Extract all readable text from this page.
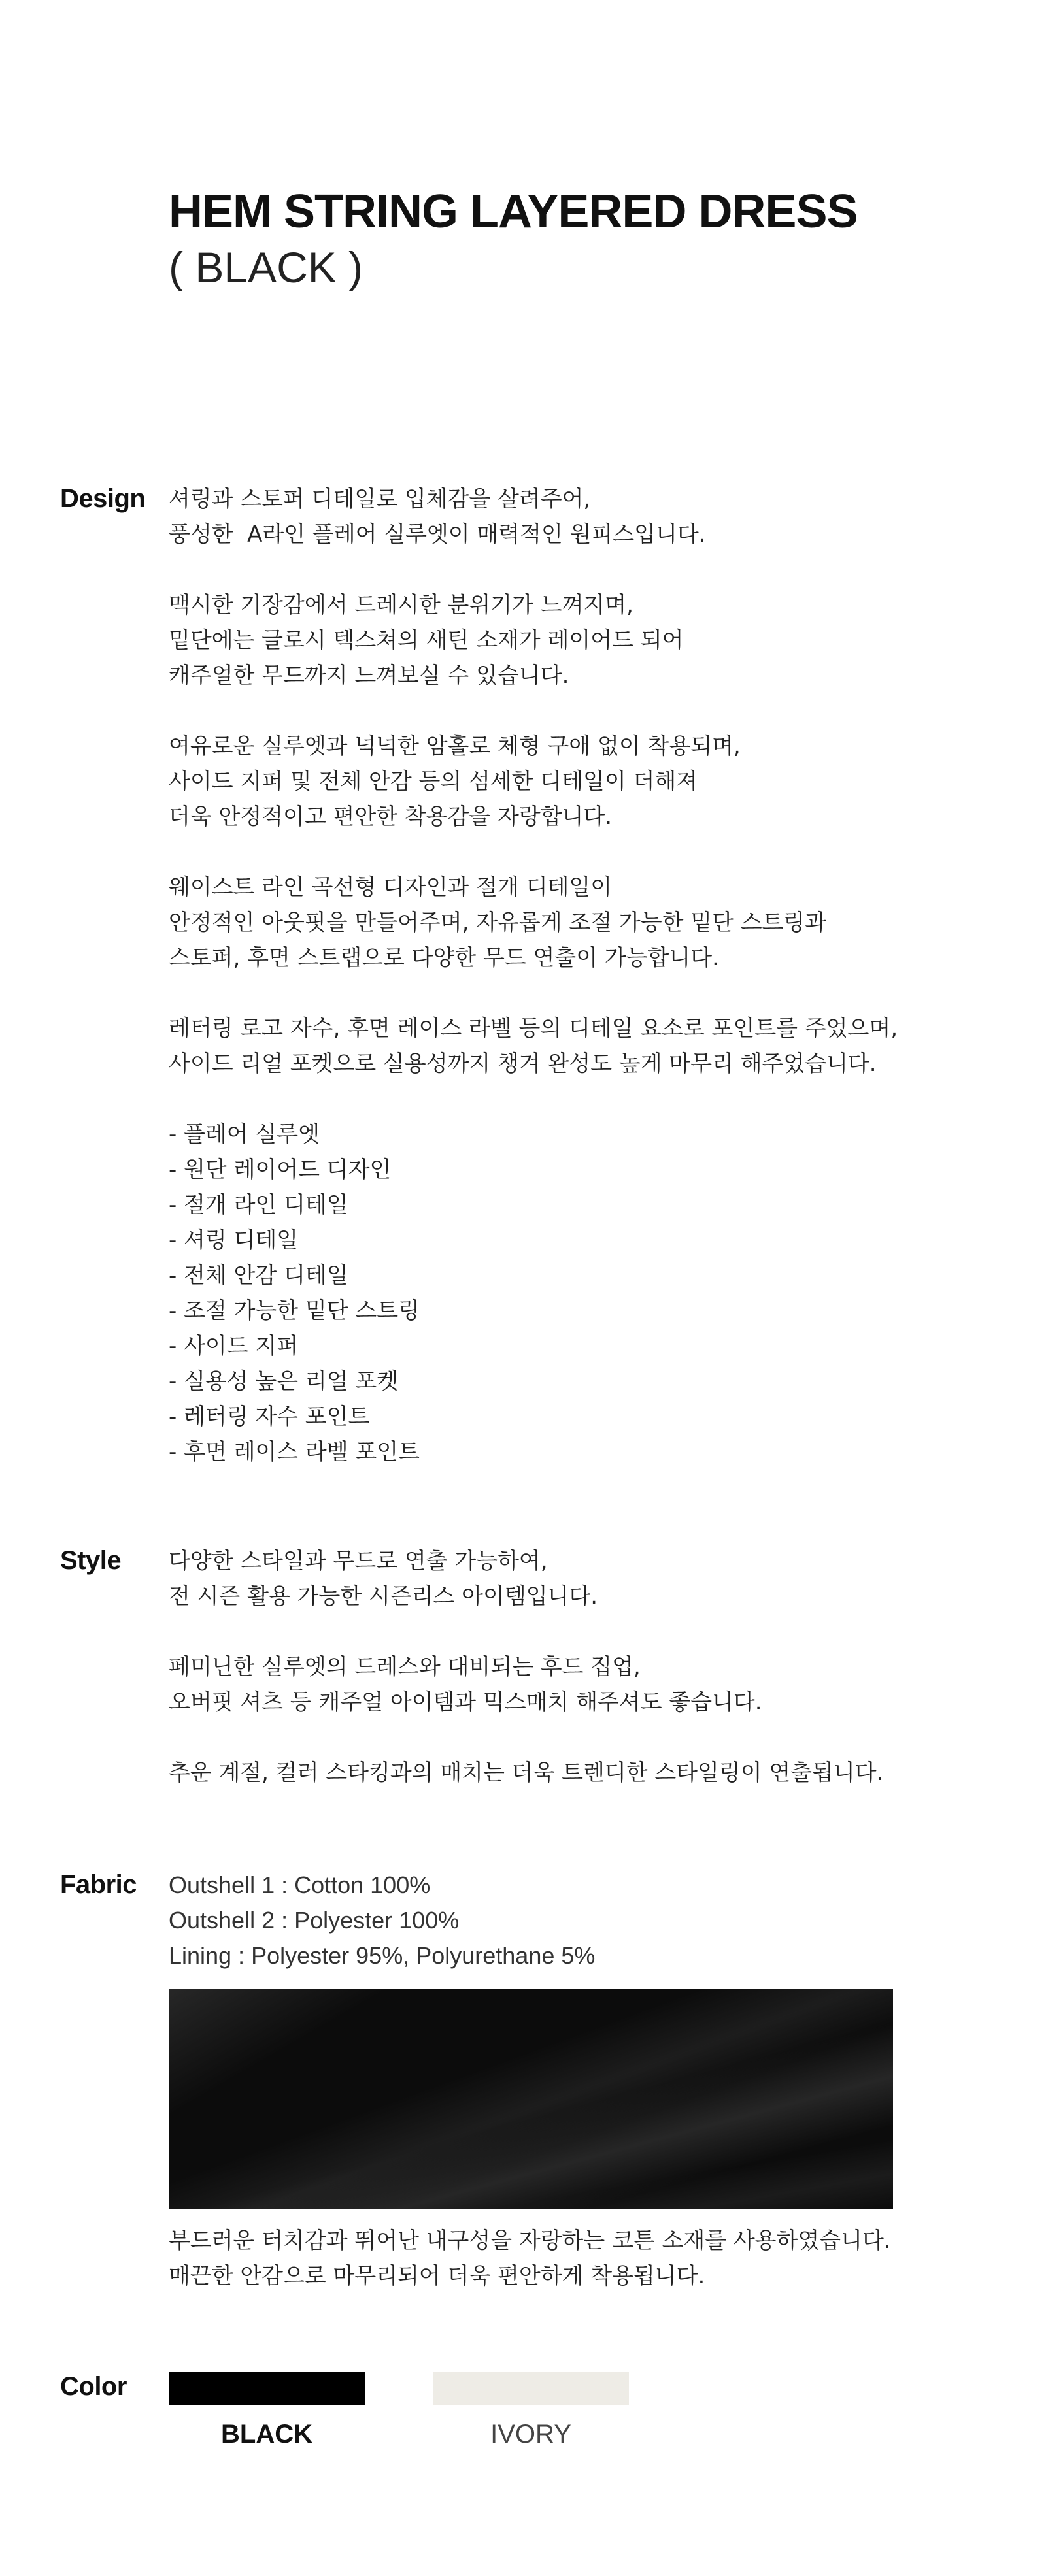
HEM STRING LAYERED DRESS

( BLACK )

Design 셔링과 스토퍼 디테일로 입체감을 살려주어,
풍성한  A라인 플레어 실루엣이 매력적인 원피스입니다.
맥시한 기장감에서 드레시한 분위기가 느껴지며,
밑단에는 글로시 텍스쳐의 새틴 소재가 레이어드 되어
캐주얼한 무드까지 느껴보실 수 있습니다.
여유로운 실루엣과 넉넉한 암홀로 체형 구애 없이 착용되며,
사이드 지퍼 및 전체 안감 등의 섬세한 디테일이 더해져
더욱 안정적이고 편안한 착용감을 자랑합니다.
웨이스트 라인 곡선형 디자인과 절개 디테일이
안정적인 아웃핏을 만들어주며, 자유롭게 조절 가능한 밑단 스트링과
스토퍼, 후면 스트랩으로 다양한 무드 연출이 가능합니다.
레터링 로고 자수, 후면 레이스 라벨 등의 디테일 요소로 포인트를 주었으며,
사이드 리얼 포켓으로 실용성까지 챙겨 완성도 높게 마무리 해주었습니다.
- 플레어 실루엣
- 원단 레이어드 디자인
- 절개 라인 디테일
- 셔링 디테일
- 전체 안감 디테일
- 조절 가능한 밑단 스트링
- 사이드 지퍼
- 실용성 높은 리얼 포켓
- 레터링 자수 포인트
- 후면 레이스 라벨 포인트
Style 다양한 스타일과 무드로 연출 가능하여,
전 시즌 활용 가능한 시즌리스 아이템입니다.
페미닌한 실루엣의 드레스와 대비되는 후드 집업,
오버핏 셔츠 등 캐주얼 아이템과 믹스매치 해주셔도 좋습니다.
추운 계절, 컬러 스타킹과의 매치는 더욱 트렌디한 스타일링이 연출됩니다.
Fabric Outshell 1 : Cotton 100%
Outshell 2 : Polyester 100%
Lining : Polyester 95%, Polyurethane 5%
부드러운 터치감과 뛰어난 내구성을 자랑하는 코튼 소재를 사용하였습니다.
매끈한 안감으로 마무리되어 더욱 편안하게 착용됩니다.
Color
BLACK	IVORY
